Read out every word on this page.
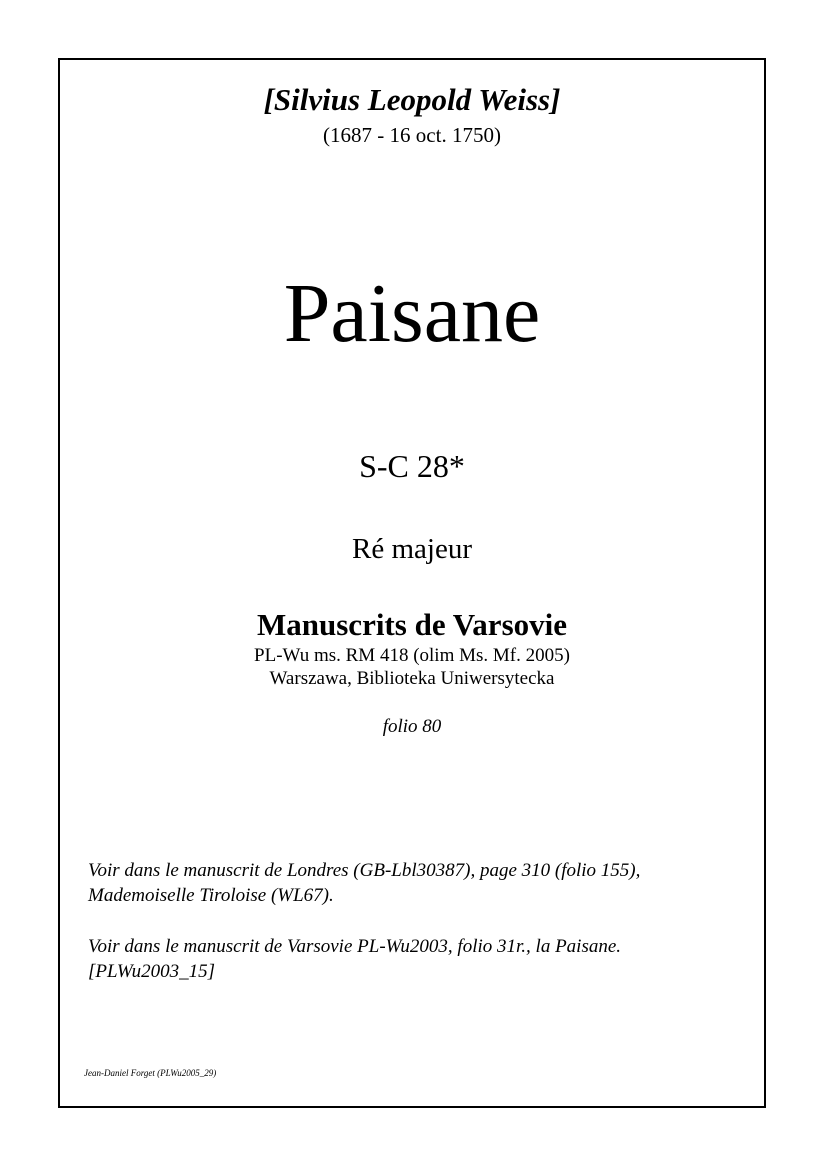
[Silvius Leopold Weiss]
(1687 - 16 oct. 1750)
Paisane
S-C 28*
Ré majeur
Manuscrits de Varsovie
PL-Wu ms. RM 418 (olim Ms. Mf. 2005)
Warszawa, Biblioteka Uniwersytecka
folio 80

Voir dans le manuscrit de Londres (GB-Lbl30387), page 310 (folio 155),

Mademoiselle Tiroloise (WL67).

Voir dans le manuscrit de Varsovie PL-Wu2003, folio 31r., la Paisane.

[PLWu2003_15]

Jean-Daniel Forget (PLWu2005_29)
